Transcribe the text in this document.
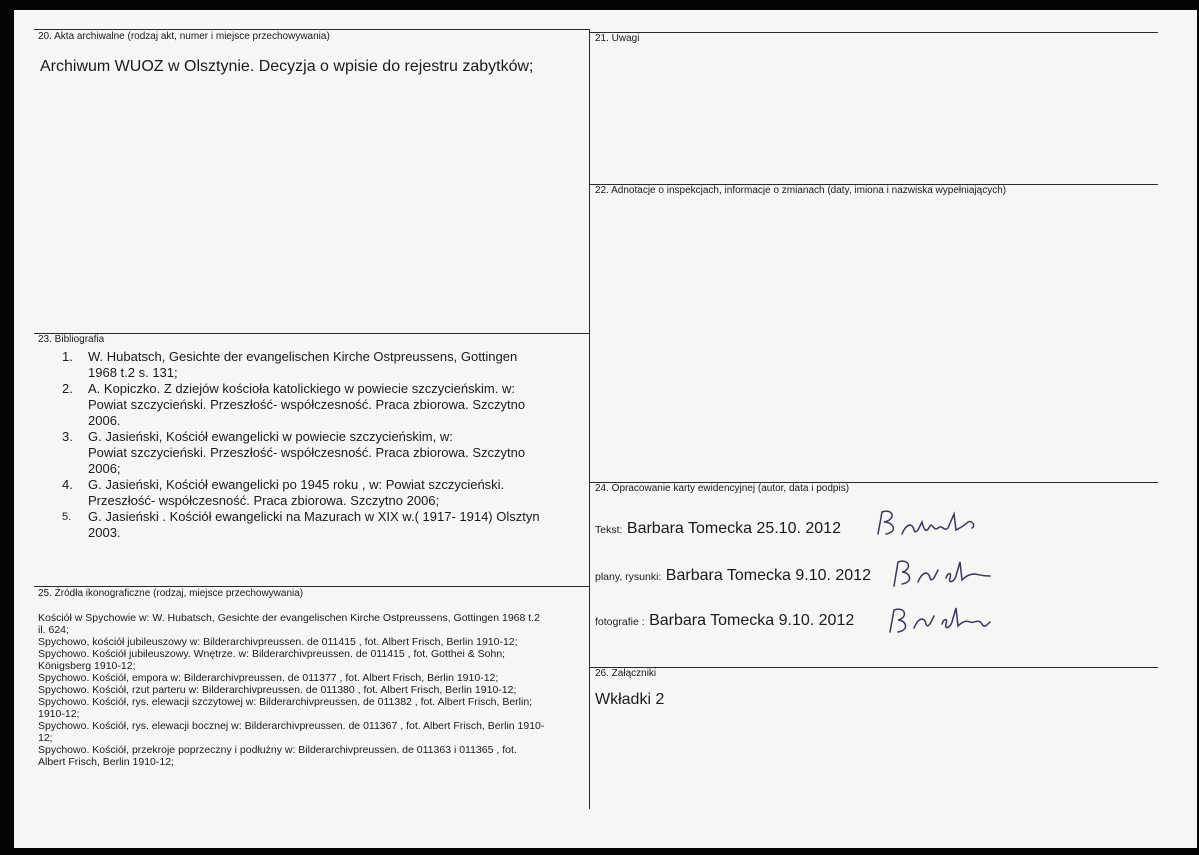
20. Akta archiwalne (rodzaj akt, numer i miejsce przechowywania)
Archiwum WUOZ w Olsztynie. Decyzja o wpisie do rejestru zabytków;
21. Uwagi
22. Adnotacje o inspekcjach, informacje o zmianach (daty, imiona i nazwiska wypełniających)
23. Bibliografia
1.	W. Hubatsch, Gesichte der evangelischen Kirche Ostpreussens, Gottingen
1968 t.2 s. 131;
2.	A. Kopiczko. Z dziejów kościoła katolickiego w powiecie szczycieńskim. w:
Powiat szczycieński. Przeszłość- współczesność. Praca zbiorowa. Szczytno
2006.
3.	G. Jasieński, Kościół ewangelicki w powiecie szczycieńskim, w:
Powiat szczycieński. Przeszłość- współczesność. Praca zbiorowa. Szczytno
2006;
4.	G. Jasieński, Kościół ewangelicki po 1945 roku , w: Powiat szczycieński.
Przeszłość- współczesność. Praca zbiorowa. Szczytno 2006;
5.	G. Jasieński . Kościół ewangelicki na Mazurach w XIX w.( 1917- 1914) Olsztyn
2003.
24. Opracowanie karty ewidencyjnej (autor, data i podpis)
Tekst: Barbara Tomecka 25.10. 2012
plany, rysunki: Barbara Tomecka 9.10. 2012
fotografie : Barbara Tomecka 9.10. 2012
25. Źródła ikonograficzne (rodzaj, miejsce przechowywania)
Kościół w Spychowie w: W. Hubatsch, Gesichte der evangelischen Kirche Ostpreussens, Gottingen 1968 t.2
il. 624;
Spychowo, kościół jubileuszowy w: Bilderarchivpreussen. de 011415 , fot. Albert Frisch, Berlin 1910-12;
Spychowo. Kościół jubileuszowy. Wnętrze. w: Bilderarchivpreussen. de 011415 , fot. Gotthei & Sohn;
Königsberg 1910-12;
Spychowo. Kościół, empora w: Bilderarchivpreussen. de 011377 , fot. Albert Frisch, Berlin 1910-12;
Spychowo. Kościół, rzut parteru w: Bilderarchivpreussen. de 011380 , fot. Albert Frisch, Berlin 1910-12;
Spychowo. Kościół, rys. elewacji szczytowej w: Bilderarchivpreussen. de 011382 , fot. Albert Frisch, Berlin;
1910-12;
Spychowo. Kościół, rys. elewacji bocznej w: Bilderarchivpreussen. de 011367 , fot. Albert Frisch, Berlin 1910-
12;
Spychowo. Kościół, przekroje poprzeczny i podłużny w: Bilderarchivpreussen. de 011363 i 011365 , fot.
Albert Frisch, Berlin 1910-12;
26. Załączniki
Wkładki 2
